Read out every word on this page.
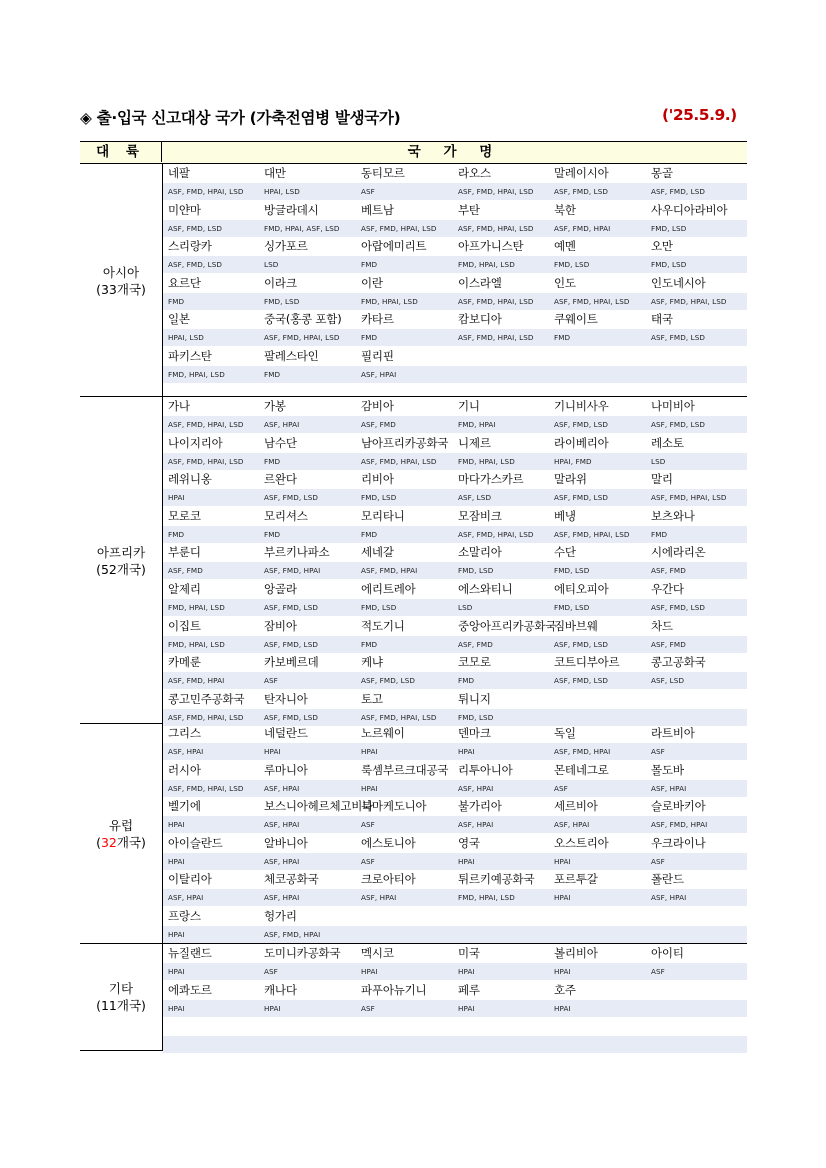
◈ 출·입국 신고대상 국가 (가축전염병 발생국가)	('25.5.9.)
대 륙	국 가 명
아시아
(33개국)
네팔
ASF, FMD, HPAI, LSD
대만
HPAI, LSD
동티모르
ASF
라오스
ASF, FMD, HPAI, LSD
말레이시아
ASF, FMD, LSD
몽골
ASF, FMD, LSD
미얀마
ASF, FMD, LSD
방글라데시
FMD, HPAI, ASF, LSD
베트남
ASF, FMD, HPAI, LSD
부탄
ASF, FMD, HPAI, LSD
북한
ASF, FMD, HPAI
사우디아라비아
FMD, LSD
스리랑카
ASF, FMD, LSD
싱가포르
LSD
아랍에미리트
FMD
아프가니스탄
FMD, HPAI, LSD
예멘
FMD, LSD
오만
FMD, LSD
요르단
FMD
이라크
FMD, LSD
이란
FMD, HPAI, LSD
이스라엘
ASF, FMD, HPAI, LSD
인도
ASF, FMD, HPAI, LSD
인도네시아
ASF, FMD, HPAI, LSD
일본
HPAI, LSD
중국(홍콩 포함)
ASF, FMD, HPAI, LSD
카타르
FMD
캄보디아
ASF, FMD, HPAI, LSD
쿠웨이트
FMD
태국
ASF, FMD, LSD
파키스탄
FMD, HPAI, LSD
팔레스타인
FMD
필리핀
ASF, HPAI
아프리카
(52개국)
가나
ASF, FMD, HPAI, LSD
가봉
ASF, HPAI
감비아
ASF, FMD
기니
FMD, HPAI
기니비사우
ASF, FMD, LSD
나미비아
ASF, FMD, LSD
나이지리아
ASF, FMD, HPAI, LSD
남수단
FMD
남아프리카공화국
ASF, FMD, HPAI, LSD
니제르
FMD, HPAI, LSD
라이베리아
HPAI, FMD
레소토
LSD
레위니옹
HPAI
르완다
ASF, FMD, LSD
리비아
FMD, LSD
마다가스카르
ASF, LSD
말라위
ASF, FMD, LSD
말리
ASF, FMD, HPAI, LSD
모로코
FMD
모리셔스
FMD
모리타니
FMD
모잠비크
ASF, FMD, HPAI, LSD
베냉
ASF, FMD, HPAI, LSD
보츠와나
FMD
부룬디
ASF, FMD
부르키나파소
ASF, FMD, HPAI
세네갈
ASF, FMD, HPAI
소말리아
FMD, LSD
수단
FMD, LSD
시에라리온
ASF, FMD
알제리
FMD, HPAI, LSD
앙골라
ASF, FMD, LSD
에리트레아
FMD, LSD
에스와티니
LSD
에티오피아
FMD, LSD
우간다
ASF, FMD, LSD
이집트
FMD, HPAI, LSD
잠비아
ASF, FMD, LSD
적도기니
FMD
중앙아프리카공화국
ASF, FMD
짐바브웨
ASF, FMD, LSD
차드
ASF, FMD
카메룬
ASF, FMD, HPAI
카보베르데
ASF
케냐
ASF, FMD, LSD
코모로
FMD
코트디부아르
ASF, FMD, LSD
콩고공화국
ASF, LSD
콩고민주공화국
ASF, FMD, HPAI, LSD
탄자니아
ASF, FMD, LSD
토고
ASF, FMD, HPAI, LSD
튀니지
FMD, LSD
유럽
(32개국)
그리스
ASF, HPAI
네덜란드
HPAI
노르웨이
HPAI
덴마크
HPAI
독일
ASF, FMD, HPAI
라트비아
ASF
러시아
ASF, FMD, HPAI, LSD
루마니아
ASF, HPAI
룩셈부르크대공국
HPAI
리투아니아
ASF, HPAI
몬테네그로
ASF
몰도바
ASF, HPAI
벨기에
HPAI
보스니아헤르체고비나
ASF, HPAI
북마케도니아
ASF
불가리아
ASF, HPAI
세르비아
ASF, HPAI
슬로바키아
ASF, FMD, HPAI
아이슬란드
HPAI
알바니아
ASF, HPAI
에스토니아
ASF
영국
HPAI
오스트리아
HPAI
우크라이나
ASF
이탈리아
ASF, HPAI
체코공화국
ASF, HPAI
크로아티아
ASF, HPAI
튀르키예공화국
FMD, HPAI, LSD
포르투갈
HPAI
폴란드
ASF, HPAI
프랑스
HPAI
헝가리
ASF, FMD, HPAI
기타
(11개국)
뉴질랜드
HPAI
도미니카공화국
ASF
멕시코
HPAI
미국
HPAI
볼리비아
HPAI
아이티
ASF
에콰도르
HPAI
캐나다
HPAI
파푸아뉴기니
ASF
페루
HPAI
호주
HPAI
